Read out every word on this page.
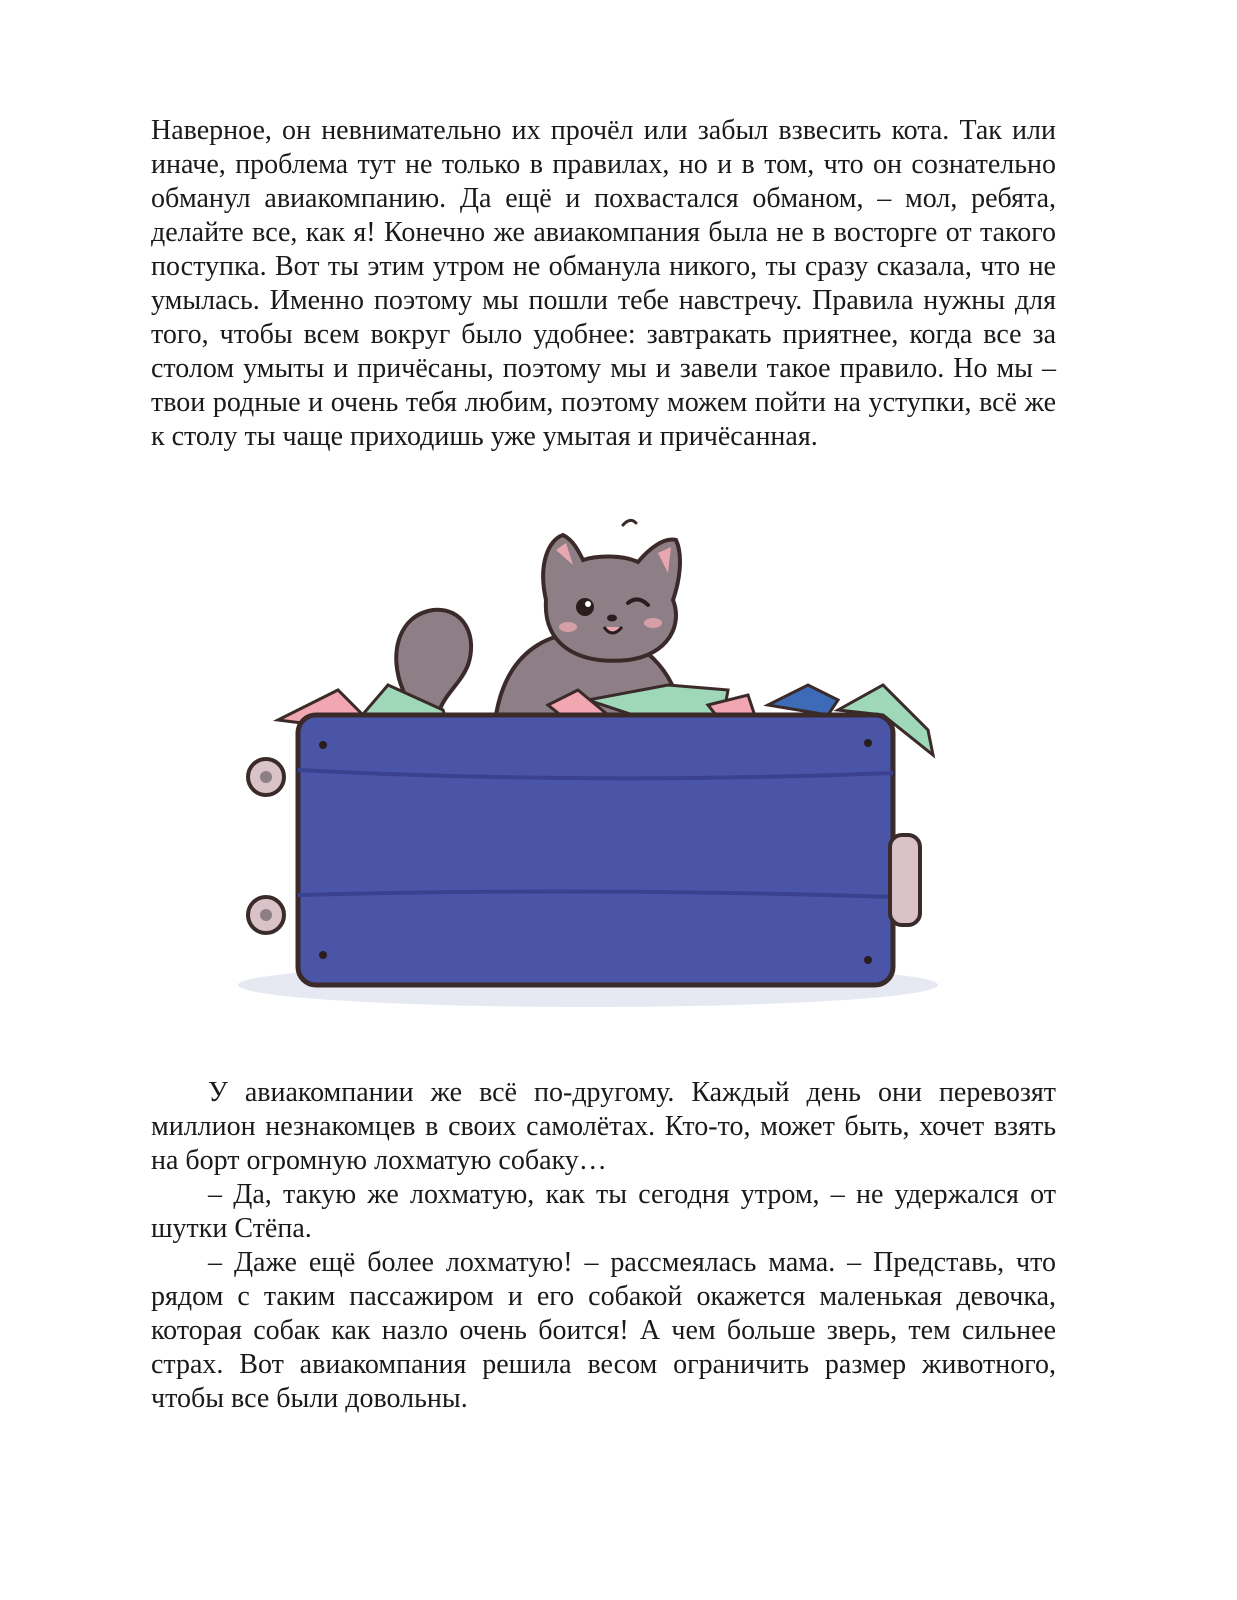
Наверное, он невнимательно их прочёл или забыл взвесить кота. Так или иначе, проблема тут не только в правилах, но и в том, что он сознательно обманул авиакомпанию. Да ещё и похвастался обманом, – мол, ребята, делайте все, как я! Конечно же авиакомпания была не в восторге от такого поступка. Вот ты этим утром не обманула никого, ты сразу сказала, что не умылась. Именно поэтому мы пошли тебе навстречу. Правила нужны для того, чтобы всем вокруг было удобнее: завтракать приятнее, когда все за столом умыты и причёсаны, поэтому мы и завели такое правило. Но мы – твои родные и очень тебя любим, поэтому можем пойти на уступки, всё же к столу ты чаще приходишь уже умытая и причёсанная.

У авиакомпании же всё по-другому. Каждый день они перевозят миллион незнакомцев в своих самолётах. Кто-то, может быть, хочет взять на борт огромную лохматую собаку…

– Да, такую же лохматую, как ты сегодня утром, – не удержался от шутки Стёпа.

– Даже ещё более лохматую! – рассмеялась мама. – Представь, что рядом с таким пассажиром и его собакой окажется маленькая девочка, которая собак как назло очень боится! А чем больше зверь, тем сильнее страх. Вот авиакомпания решила весом ограничить размер животного, чтобы все были довольны.
